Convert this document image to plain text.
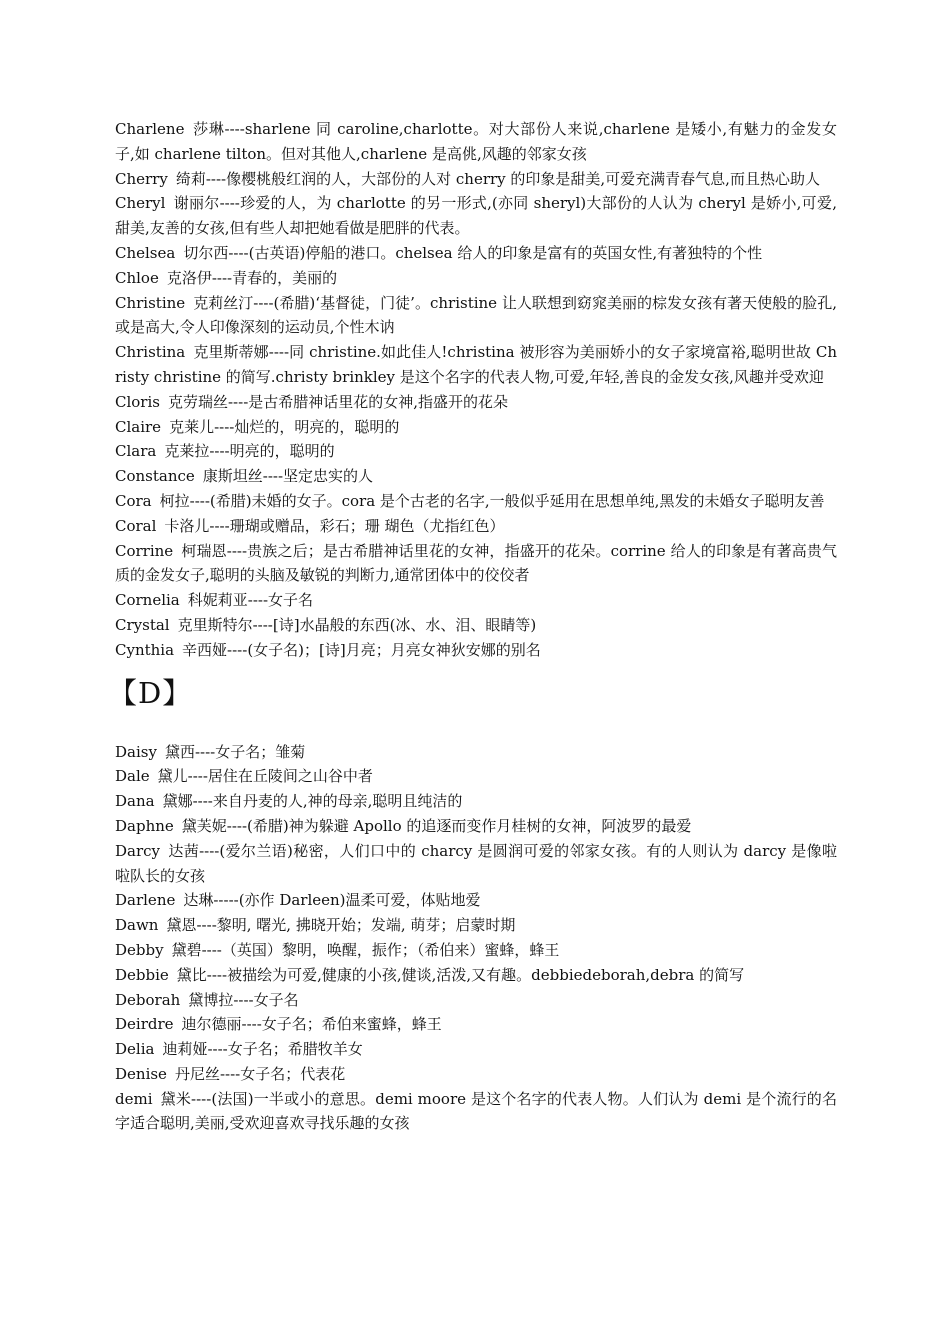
Charlene 莎琳----sharlene 同 caroline,charlotte。对大部份人来说,charlene 是矮小,有魅力的金发女子,如 charlene tilton。但对其他人,charlene 是高佻,风趣的邻家女孩

Cherry 绮莉----像樱桃般红润的人，大部份的人对 cherry 的印象是甜美,可爱充满青春气息,而且热心助人

Cheryl 谢丽尔----珍爱的人，为 charlotte 的另一形式,(亦同 sheryl)大部份的人认为 cheryl 是娇小,可爱,甜美,友善的女孩,但有些人却把她看做是肥胖的代表。

Chelsea 切尔西----(古英语)停船的港口。chelsea 给人的印象是富有的英国女性,有著独特的个性

Chloe 克洛伊----青春的，美丽的

Christine 克莉丝汀----(希腊)‘基督徒，门徒’。christine 让人联想到窈窕美丽的棕发女孩有著天使般的脸孔,或是高大,令人印像深刻的运动员,个性木讷

Christina 克里斯蒂娜----同 christine.如此佳人!christina 被形容为美丽娇小的女子家境富裕,聪明世故 Christy christine 的简写.christy brinkley 是这个名字的代表人物,可爱,年轻,善良的金发女孩,风趣并受欢迎

Cloris 克劳瑞丝----是古希腊神话里花的女神,指盛开的花朵

Claire 克莱儿----灿烂的，明亮的，聪明的

Clara 克莱拉----明亮的，聪明的

Constance 康斯坦丝----坚定忠实的人

Cora 柯拉----(希腊)未婚的女子。cora 是个古老的名字,一般似乎延用在思想单纯,黑发的未婚女子聪明友善

Coral 卡洛儿----珊瑚或赠品，彩石；珊 瑚色（尤指红色）

Corrine 柯瑞恩----贵族之后；是古希腊神话里花的女神，指盛开的花朵。corrine 给人的印象是有著高贵气质的金发女子,聪明的头脑及敏锐的判断力,通常团体中的佼佼者

Cornelia 科妮莉亚----女子名

Crystal 克里斯特尔----[诗]水晶般的东西(冰、水、泪、眼睛等)

Cynthia 辛西娅----(女子名)；[诗]月亮；月亮女神狄安娜的别名

【D】

Daisy 黛西----女子名；雏菊

Dale 黛儿----居住在丘陵间之山谷中者

Dana 黛娜----来自丹麦的人,神的母亲,聪明且纯洁的

Daphne 黛芙妮----(希腊)神为躲避 Apollo 的追逐而变作月桂树的女神，阿波罗的最爱

Darcy 达茜----(爱尔兰语)秘密，人们口中的 charcy 是圆润可爱的邻家女孩。有的人则认为 darcy 是像啦啦队长的女孩

Darlene 达琳-----(亦作 Darleen)温柔可爱，体贴地爱

Dawn 黛恩----黎明, 曙光, 拂晓开始；发端, 萌芽；启蒙时期

Debby 黛碧----（英国）黎明，唤醒，振作；（希伯来）蜜蜂，蜂王

Debbie 黛比----被描绘为可爱,健康的小孩,健谈,活泼,又有趣。debbiedeborah,debra 的简写

Deborah 黛博拉----女子名

Deirdre 迪尔德丽----女子名；希伯来蜜蜂，蜂王

Delia 迪莉娅----女子名；希腊牧羊女

Denise 丹尼丝----女子名；代表花

demi 黛米----(法国)一半或小的意思。demi moore 是这个名字的代表人物。人们认为 demi 是个流行的名字适合聪明,美丽,受欢迎喜欢寻找乐趣的女孩
